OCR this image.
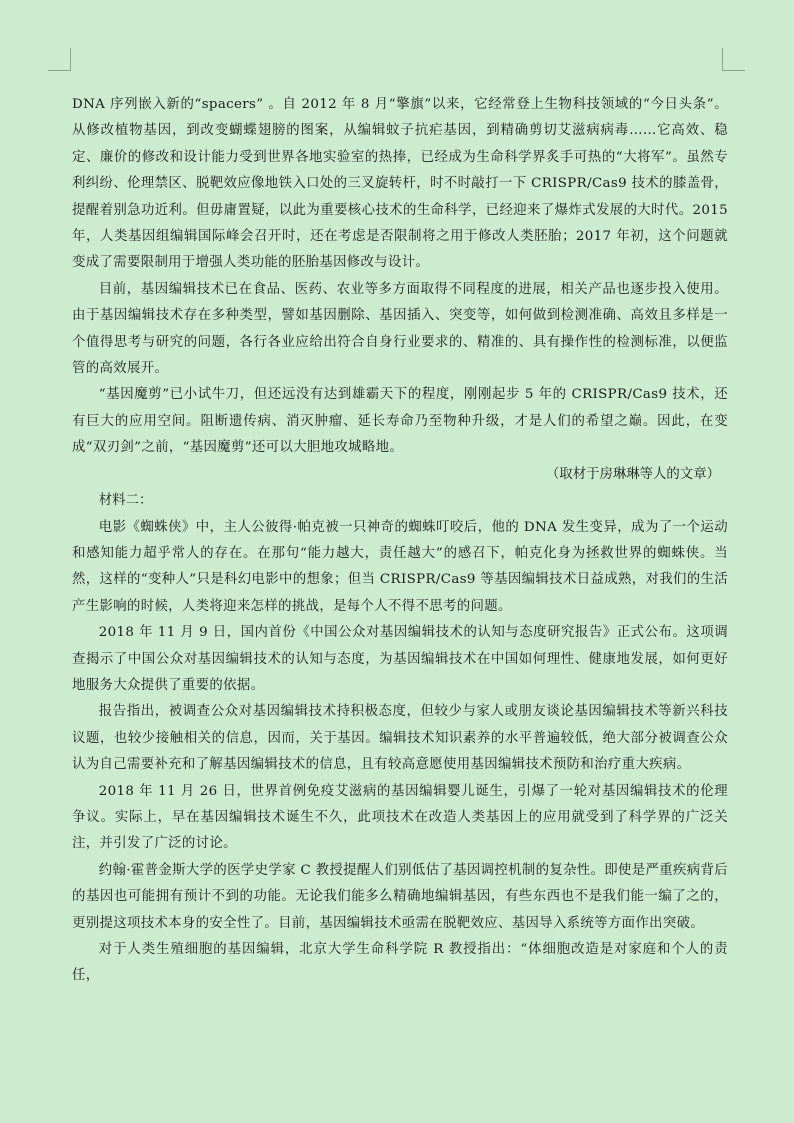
DNA 序列嵌入新的“spacers” 。自 2012 年 8 月“擎旗”以来，它经常登上生物科技领域的“今日头条”。从修改植物基因，到改变蝴蝶翅膀的图案，从编辑蚊子抗疟基因，到精确剪切艾滋病病毒……它高效、稳定、廉价的修改和设计能力受到世界各地实验室的热捧，已经成为生命科学界炙手可热的“大将军”。虽然专利纠纷、伦理禁区、脱靶效应像地铁入口处的三叉旋转杆，时不时敲打一下 CRISPR/Cas9 技术的膝盖骨，提醒着别急功近利。但毋庸置疑，以此为重要核心技术的生命科学，已经迎来了爆炸式发展的大时代。2015 年，人类基因组编辑国际峰会召开时，还在考虑是否限制将之用于修改人类胚胎；2017 年初，这个问题就变成了需要限制用于增强人类功能的胚胎基因修改与设计。

目前，基因编辑技术已在食品、医药、农业等多方面取得不同程度的进展，相关产品也逐步投入使用。由于基因编辑技术存在多种类型，譬如基因删除、基因插入、突变等，如何做到检测准确、高效且多样是一个值得思考与研究的问题，各行各业应给出符合自身行业要求的、精准的、具有操作性的检测标准，以便监管的高效展开。

“基因魔剪”已小试牛刀，但还远没有达到雄霸天下的程度，刚刚起步 5 年的 CRISPR/Cas9 技术，还有巨大的应用空间。阻断遗传病、消灭肿瘤、延长寿命乃至物种升级，才是人们的希望之巅。因此，在变成“双刃剑”之前，“基因魔剪”还可以大胆地攻城略地。

（取材于房琳琳等人的文章）

材料二：

电影《蜘蛛侠》中，主人公彼得·帕克被一只神奇的蜘蛛叮咬后，他的 DNA 发生变异，成为了一个运动和感知能力超乎常人的存在。在那句“能力越大，责任越大”的感召下，帕克化身为拯救世界的蜘蛛侠。当然，这样的“变种人”只是科幻电影中的想象；但当 CRISPR/Cas9 等基因编辑技术日益成熟，对我们的生活产生影响的时候，人类将迎来怎样的挑战，是每个人不得不思考的问题。

2018 年 11 月 9 日，国内首份《中国公众对基因编辑技术的认知与态度研究报告》正式公布。这项调查揭示了中国公众对基因编辑技术的认知与态度，为基因编辑技术在中国如何理性、健康地发展，如何更好地服务大众提供了重要的依据。

报告指出，被调查公众对基因编辑技术持积极态度，但较少与家人或朋友谈论基因编辑技术等新兴科技议题，也较少接触相关的信息，因而，关于基因。编辑技术知识素养的水平普遍较低，绝大部分被调查公众认为自己需要补充和了解基因编辑技术的信息，且有较高意愿使用基因编辑技术预防和治疗重大疾病。

2018 年 11 月 26 日，世界首例免疫艾滋病的基因编辑婴儿诞生，引爆了一轮对基因编辑技术的伦理争议。实际上，早在基因编辑技术诞生不久，此项技术在改造人类基因上的应用就受到了科学界的广泛关注，并引发了广泛的讨论。

约翰·霍普金斯大学的医学史学家 C 教授提醒人们别低估了基因调控机制的复杂性。即使是严重疾病背后的基因也可能拥有预计不到的功能。无论我们能多么精确地编辑基因，有些东西也不是我们能一编了之的，更别提这项技术本身的安全性了。目前，基因编辑技术亟需在脱靶效应、基因导入系统等方面作出突破。

对于人类生殖细胞的基因编辑，北京大学生命科学院 R 教授指出：“体细胞改造是对家庭和个人的责任，
